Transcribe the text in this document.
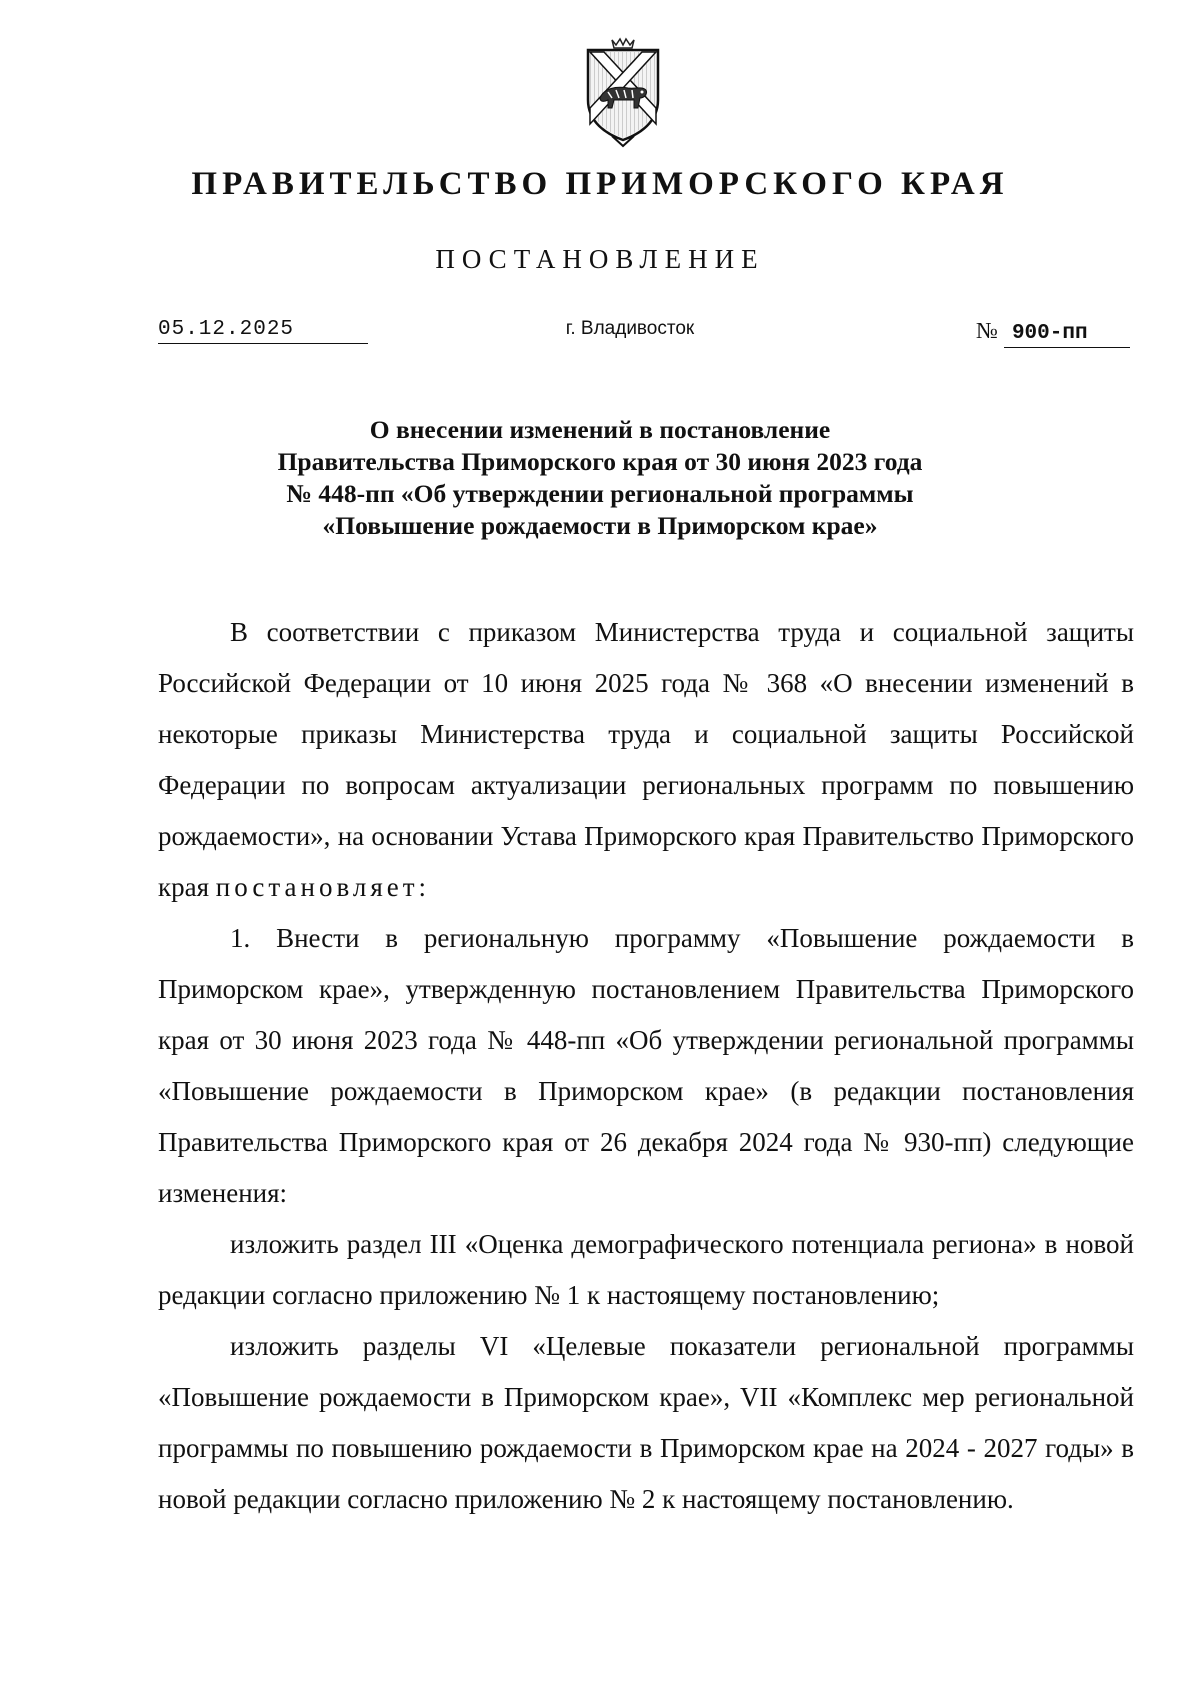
ПРАВИТЕЛЬСТВО ПРИМОРСКОГО КРАЯ
ПОСТАНОВЛЕНИЕ
05.12.2025	г. Владивосток	№ 900-пп
О внесении изменений в постановление
Правительства Приморского края от 30 июня 2023 года
№ 448-пп «Об утверждении региональной программы
«Повышение рождаемости в Приморском крае»

В соответствии с приказом Министерства труда и социальной защиты Российской Федерации от 10 июня 2025 года № 368 «О внесении изменений в некоторые приказы Министерства труда и социальной защиты Российской Федерации по вопросам актуализации региональных программ по повышению рождаемости», на основании Устава Приморского края Правительство Приморского края постановляет:

1. Внести в региональную программу «Повышение рождаемости в Приморском крае», утвержденную постановлением Правительства Приморского края от 30 июня 2023 года № 448-пп «Об утверждении региональной программы «Повышение рождаемости в Приморском крае» (в редакции постановления Правительства Приморского края от 26 декабря 2024 года № 930-пп) следующие изменения:

изложить раздел III «Оценка демографического потенциала региона» в новой редакции согласно приложению № 1 к настоящему постановлению;

изложить разделы VI «Целевые показатели региональной программы «Повышение рождаемости в Приморском крае», VII «Комплекс мер региональной программы по повышению рождаемости в Приморском крае на 2024 - 2027 годы» в новой редакции согласно приложению № 2 к настоящему постановлению.
